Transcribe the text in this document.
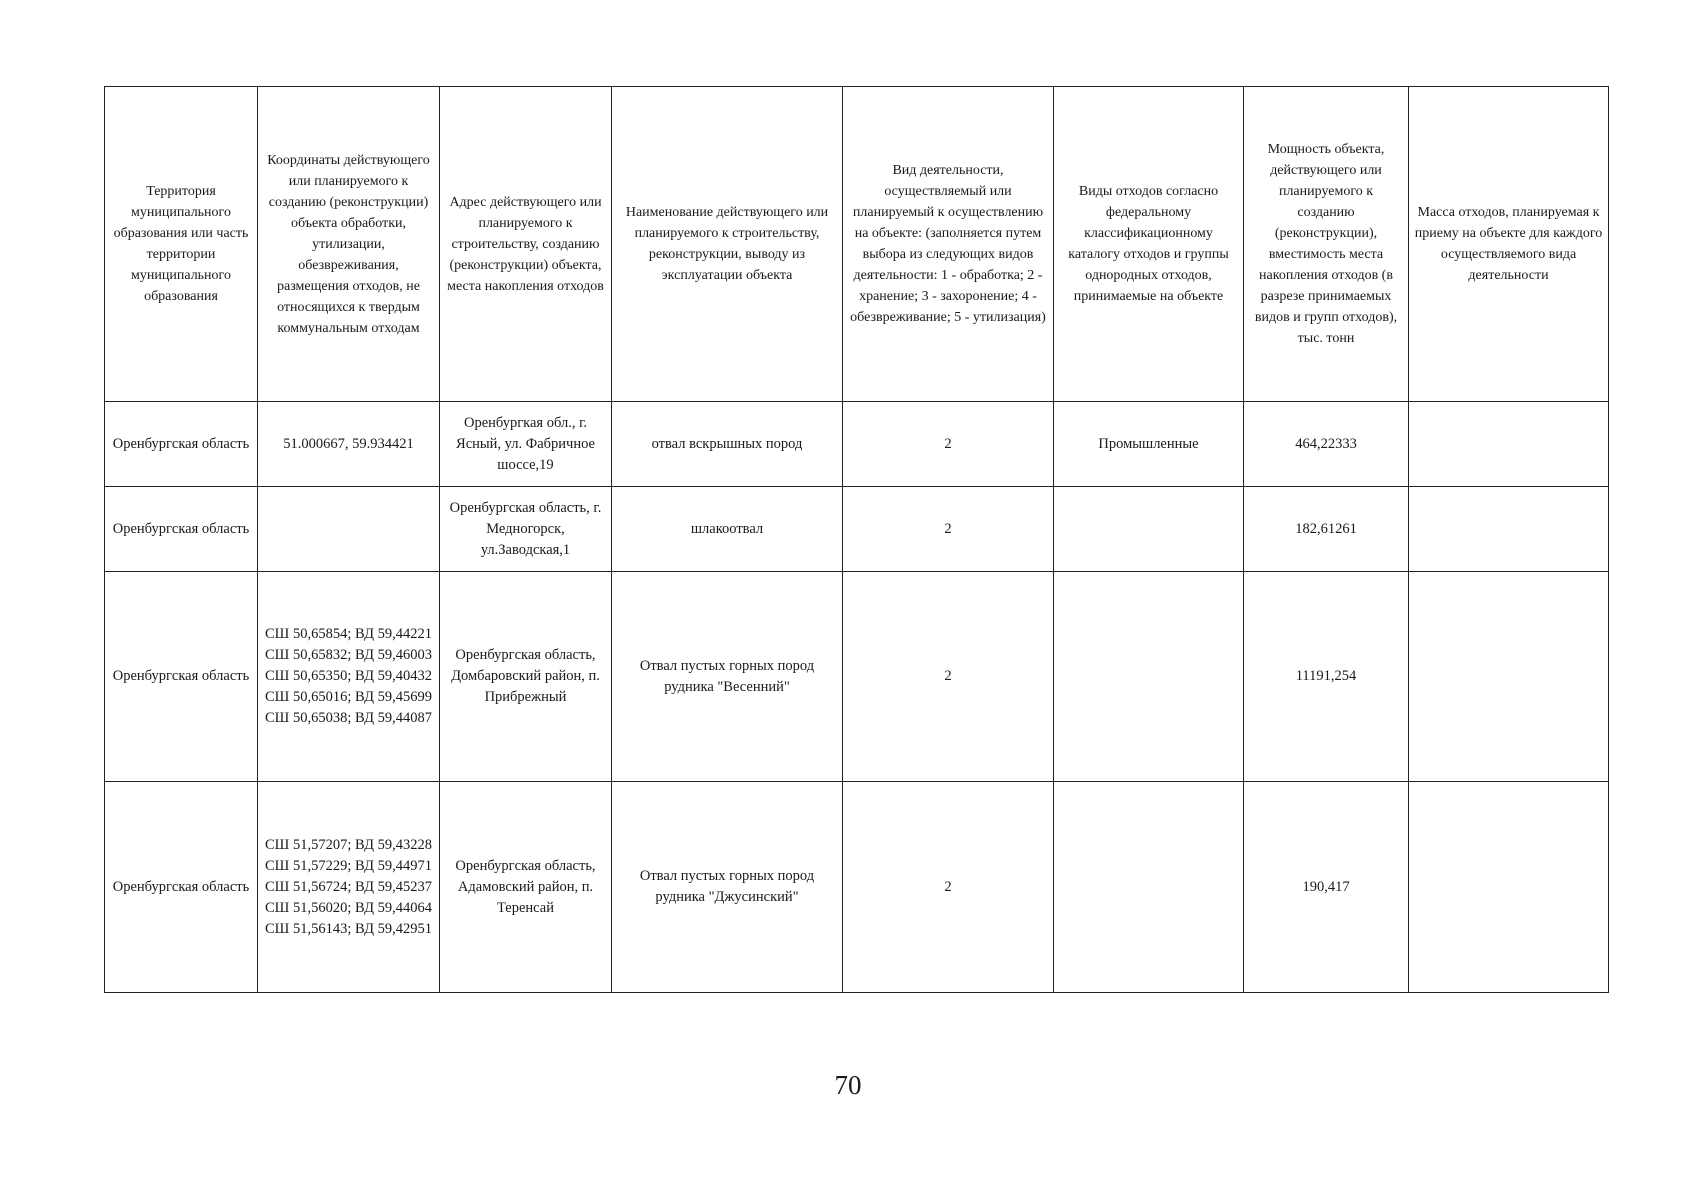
Территория муниципального образования или часть территории муниципального образования	Координаты действующего или планируемого к созданию (реконструкции) объекта обработки, утилизации, обезвреживания, размещения отходов, не относящихся к твердым коммунальным отходам	Адрес действующего или планируемого к строительству, созданию (реконструкции) объекта, места накопления отходов	Наименование действующего или планируемого к строительству, реконструкции, выводу из эксплуатации объекта	Вид деятельности, осуществляемый или планируемый к осуществлению на объекте: (заполняется путем выбора из следующих видов деятельности: 1 - обработка; 2 - хранение; 3 - захоронение; 4 - обезвреживание; 5 - утилизация)	Виды отходов согласно федеральному классификационному каталогу отходов и группы однородных отходов, принимаемые на объекте	Мощность объекта, действующего или планируемого к созданию (реконструкции), вместимость места накопления отходов (в разрезе принимаемых видов и групп отходов), тыс. тонн	Масса отходов, планируемая к приему на объекте для каждого осуществляемого вида деятельности
Оренбургская область	51.000667, 59.934421	Оренбургкая обл., г. Ясный, ул. Фабричное шоссе,19	отвал вскрышных пород	2	Промышленные	464,22333	
Оренбургская область		Оренбургская область, г. Медногорск, ул.Заводская,1	шлакоотвал	2		182,61261	
Оренбургская область	СШ 50,65854; ВД 59,44221
СШ 50,65832; ВД 59,46003
СШ 50,65350; ВД 59,40432
СШ 50,65016; ВД 59,45699
СШ 50,65038; ВД 59,44087	Оренбургская область, Домбаровский район, п. Прибрежный	Отвал пустых горных пород рудника "Весенний"	2		11191,254	
Оренбургская область	СШ 51,57207; ВД 59,43228
СШ 51,57229; ВД 59,44971
СШ 51,56724; ВД 59,45237
СШ 51,56020; ВД 59,44064
СШ 51,56143; ВД 59,42951	Оренбургская область, Адамовский район, п. Теренсай	Отвал пустых горных пород рудника "Джусинский"	2		190,417	
70
